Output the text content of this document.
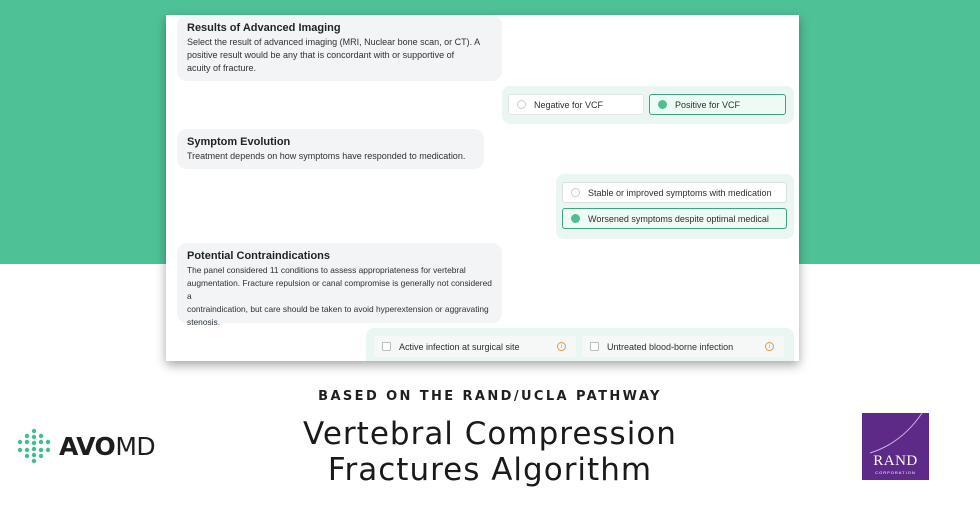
Results of Advanced Imaging

Select the result of advanced imaging (MRI, Nuclear bone scan, or CT). A
positive result would be any that is concordant with or supportive of
acuity of fracture.

Negative for VCF	Positive for VCF
Symptom Evolution

Treatment depends on how symptoms have responded to medication.

Stable or improved symptoms with medication
Worsened symptoms despite optimal medical
Potential Contraindications

The panel considered 11 conditions to assess appropriateness for vertebral
augmentation. Fracture repulsion or canal compromise is generally not considered a
contraindication, but care should be taken to avoid hyperextension or aggravating
stenosis.

Active infection at surgical site	i	Untreated blood-borne infection	i
BASED ON THE RAND/UCLA PATHWAY
Vertebral Compression
Fractures Algorithm
AVOMD
RAND
CORPORATION
